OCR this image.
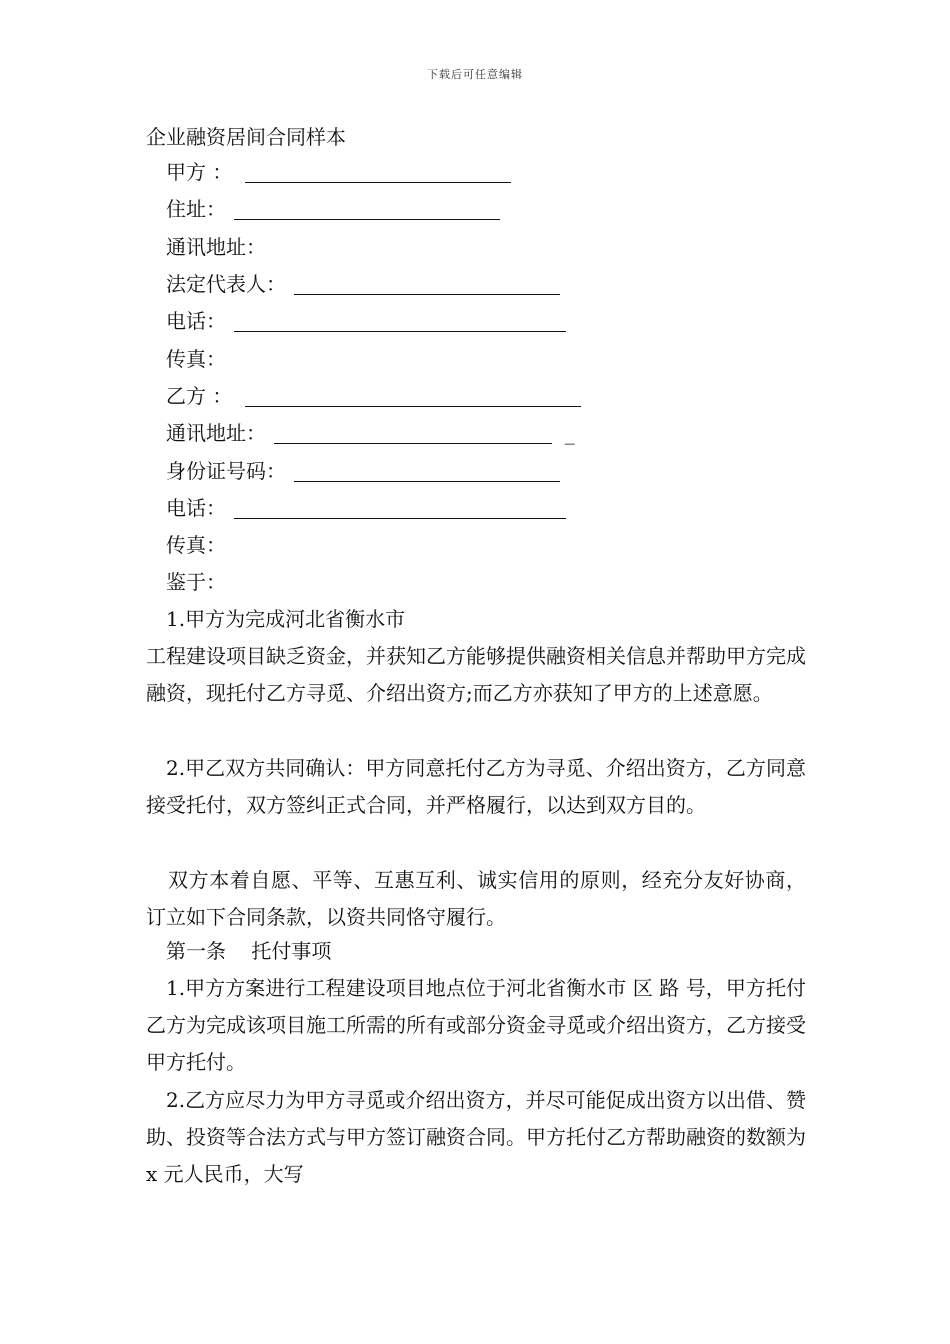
下载后可任意编辑
企业融资居间合同样本
甲方 ：
住址：
通讯地址：
法定代表人：
电话：
传真：
乙方 ：
通讯地址：	_
身份证号码：
电话：
传真：
鉴于：
1.甲方为完成河北省衡水市
工程建设项目缺乏资金，并获知乙方能够提供融资相关信息并帮助甲方完成融资，现托付乙方寻觅、介绍出资方;而乙方亦获知了甲方的上述意愿。
2.甲乙双方共同确认：甲方同意托付乙方为寻觅、介绍出资方，乙方同意接受托付，双方签纠正式合同，并严格履行，以达到双方目的。
双方本着自愿、平等、互惠互利、诚实信用的原则，经充分友好协商，订立如下合同条款，以资共同恪守履行。
第一条    托付事项
1.甲方方案进行工程建设项目地点位于河北省衡水市 区 路 号，甲方托付乙方为完成该项目施工所需的所有或部分资金寻觅或介绍出资方，乙方接受甲方托付。
2.乙方应尽力为甲方寻觅或介绍出资方，并尽可能促成出资方以出借、赞助、投资等合法方式与甲方签订融资合同。甲方托付乙方帮助融资的数额为 x 元人民币，大写
